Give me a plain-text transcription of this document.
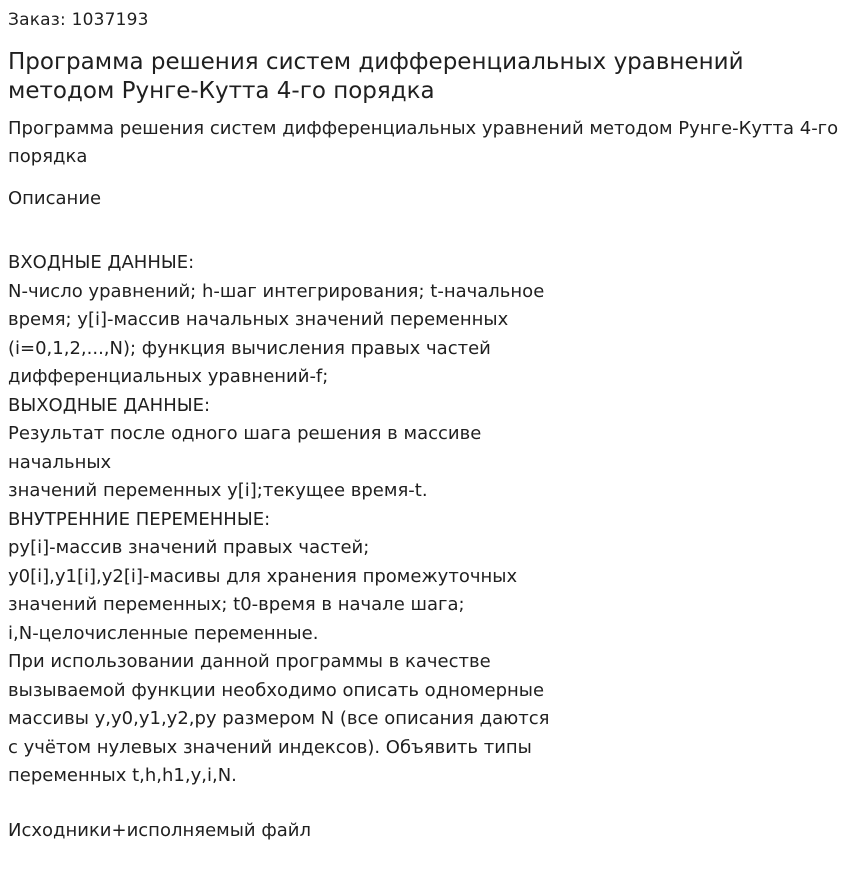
Заказ: 1037193
Программа решения систем дифференциальных уравнений методом Рунге-Кутта 4-го порядка
Программа решения систем дифференциальных уравнений методом Рунге-Кутта 4-го порядка
Описание
ВХОДНЫЕ ДАННЫЕ:
N-число уравнений; h-шаг интегрирования; t-начальное
время; y[i]-массив начальных значений переменных
(i=0,1,2,...,N); функция вычисления правых частей
дифференциальных уравнений-f;
ВЫХОДНЫЕ ДАННЫЕ:
Результат после одного шага решения в массиве
начальных
значений переменных y[i];текущее время-t.
ВНУТРЕННИЕ ПЕРЕМЕННЫЕ:
py[i]-массив значений правых частей;
y0[i],y1[i],y2[i]-масивы для хранения промежуточных
значений переменных; t0-время в начале шага;
i,N-целочисленные переменные.
При использовании данной программы в качестве
вызываемой функции необходимо описать одномерные
массивы y,y0,y1,y2,py размером N (все описания даются
с учётом нулевых значений индексов). Объявить типы
переменных t,h,h1,y,i,N.
Исходники+исполняемый файл
